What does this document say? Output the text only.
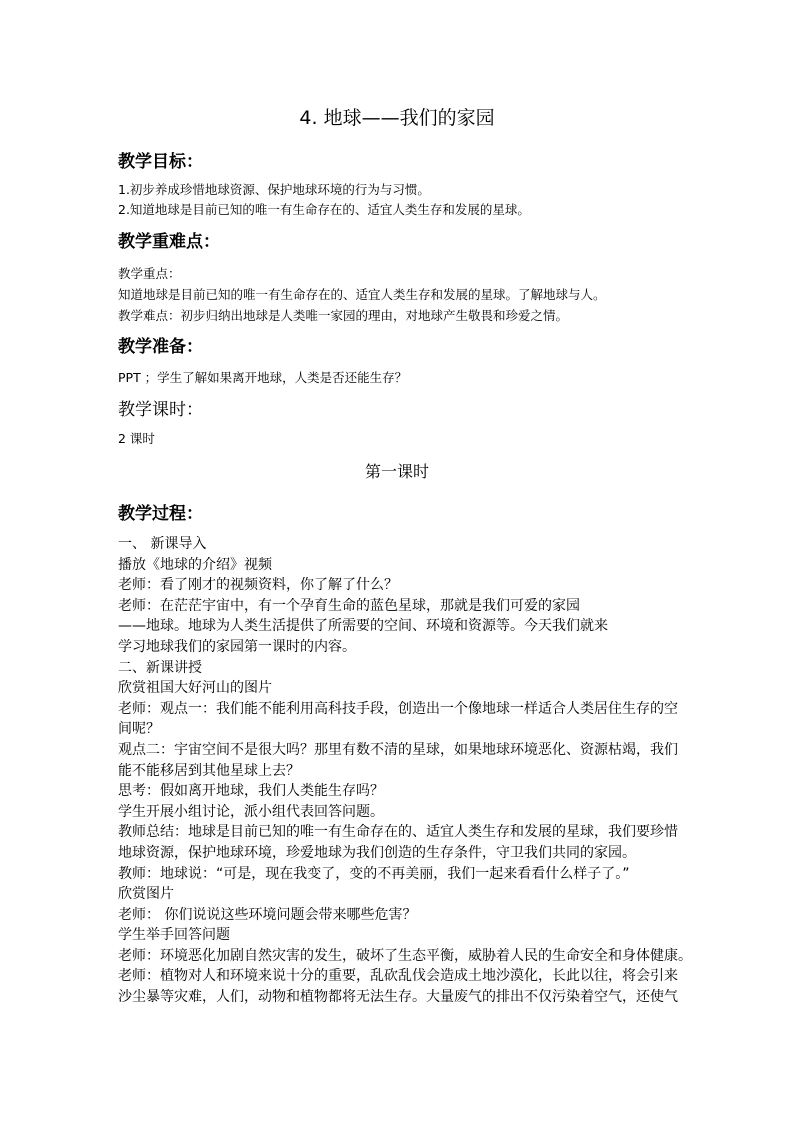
4. 地球——我们的家园
教学目标：

1.初步养成珍惜地球资源、保护地球环境的行为与习惯。

2.知道地球是目前已知的唯一有生命存在的、适宜人类生存和发展的星球。

教学重难点：

教学重点：

知道地球是目前已知的唯一有生命存在的、适宜人类生存和发展的星球。了解地球与人。

教学难点：初步归纳出地球是人类唯一家园的理由，对地球产生敬畏和珍爱之情。

教学准备：

PPT ；学生了解如果离开地球，人类是否还能生存？

教学课时：

2 课时

第一课时

教学过程：

一、 新课导入

播放《地球的介绍》视频

老师：看了刚才的视频资料，你了解了什么？

老师：在茫茫宇宙中，有一个孕育生命的蓝色星球，那就是我们可爱的家园

——地球。地球为人类生活提供了所需要的空间、环境和资源等。今天我们就来

学习地球我们的家园第一课时的内容。

二、新课讲授

欣赏祖国大好河山的图片

老师：观点一：我们能不能利用高科技手段，创造出一个像地球一样适合人类居住生存的空

间呢？

观点二：宇宙空间不是很大吗？那里有数不清的星球，如果地球环境恶化、资源枯竭，我们

能不能移居到其他星球上去？

思考：假如离开地球，我们人类能生存吗？

学生开展小组讨论，派小组代表回答问题。

教师总结：地球是目前已知的唯一有生命存在的、适宜人类生存和发展的星球，我们要珍惜

地球资源，保护地球环境，珍爱地球为我们创造的生存条件，守卫我们共同的家园。

教师：地球说：“可是，现在我变了，变的不再美丽，我们一起来看看什么样子了。”

欣赏图片

老师： 你们说说这些环境问题会带来哪些危害？

学生举手回答问题

老师：环境恶化加剧自然灾害的发生，破坏了生态平衡，威胁着人民的生命安全和身体健康。

老师：植物对人和环境来说十分的重要，乱砍乱伐会造成土地沙漠化，长此以往，将会引来

沙尘暴等灾难，人们，动物和植物都将无法生存。大量废气的排出不仅污染着空气，还使气
